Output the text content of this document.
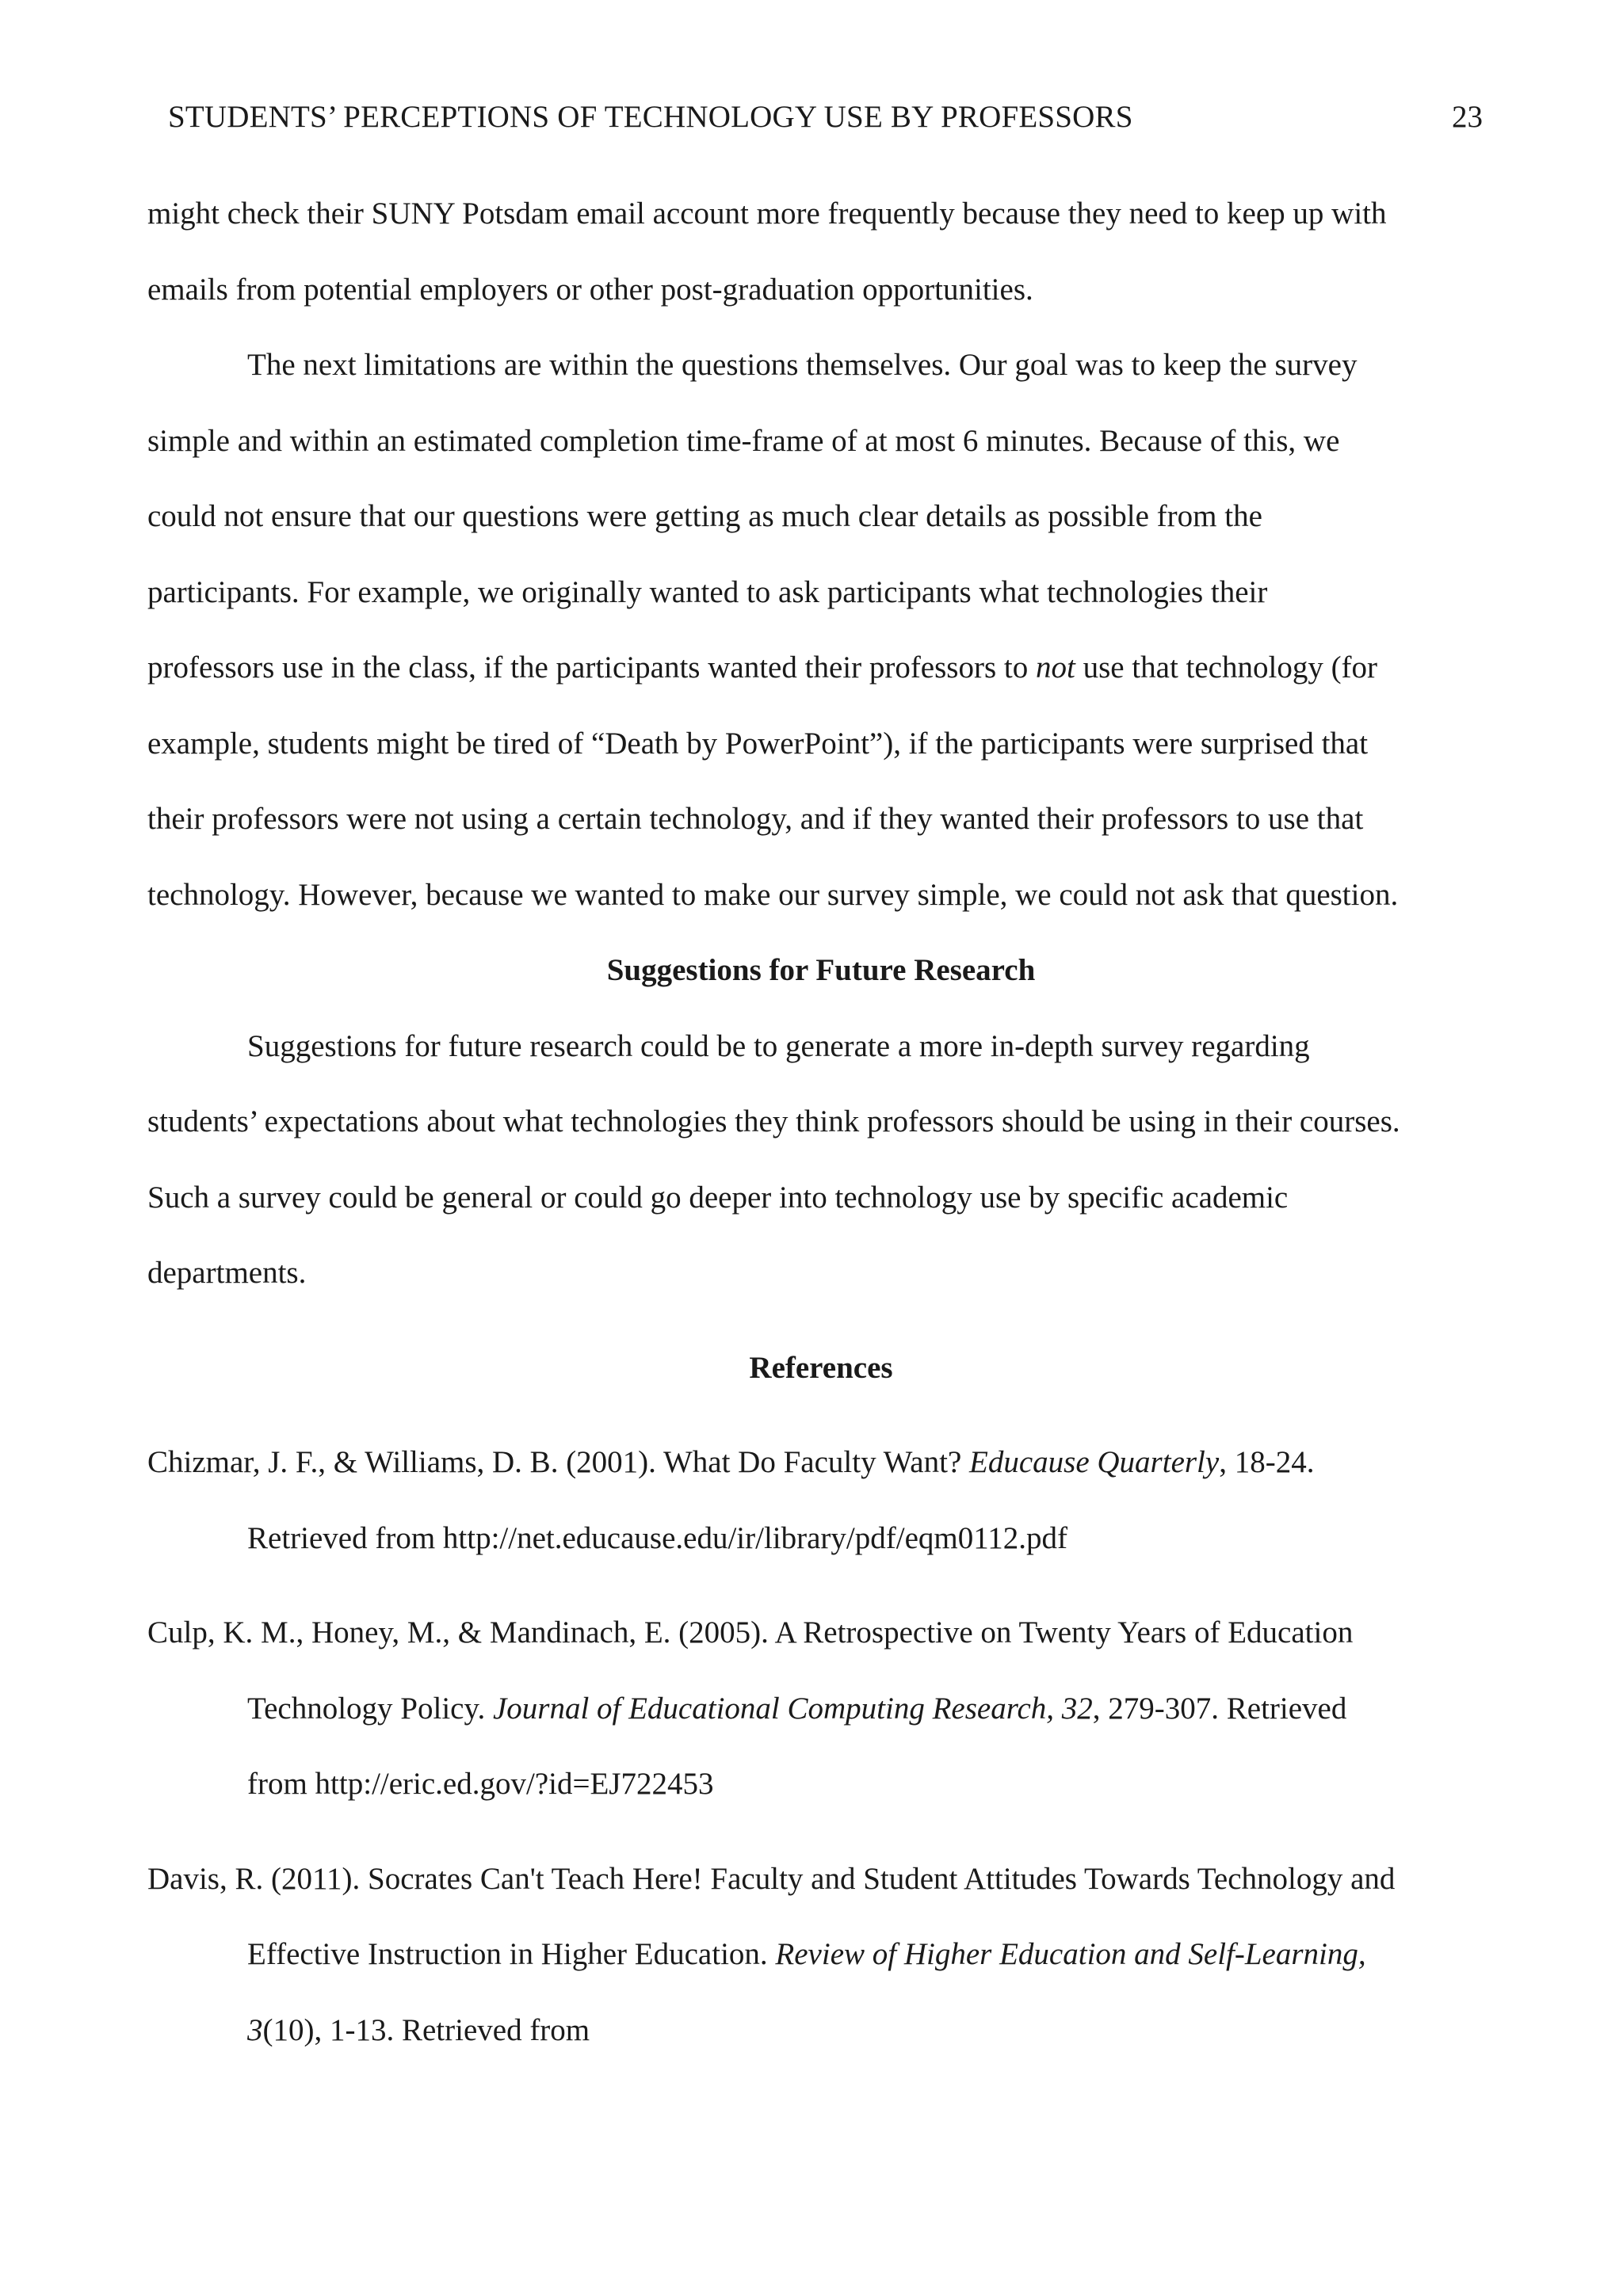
STUDENTS’ PERCEPTIONS OF TECHNOLOGY USE BY PROFESSORS	23
might check their SUNY Potsdam email account more frequently because they need to keep up with
emails from potential employers or other post-graduation opportunities.
The next limitations are within the questions themselves. Our goal was to keep the survey
simple and within an estimated completion time-frame of at most 6 minutes. Because of this, we
could not ensure that our questions were getting as much clear details as possible from the
participants. For example, we originally wanted to ask participants what technologies their
professors use in the class, if the participants wanted their professors to not use that technology (for
example, students might be tired of “Death by PowerPoint”), if the participants were surprised that
their professors were not using a certain technology, and if they wanted their professors to use that
technology. However, because we wanted to make our survey simple, we could not ask that question.
Suggestions for Future Research
Suggestions for future research could be to generate a more in-depth survey regarding
students’ expectations about what technologies they think professors should be using in their courses.
Such a survey could be general or could go deeper into technology use by specific academic
departments.
References
Chizmar, J. F., & Williams, D. B. (2001). What Do Faculty Want? Educause Quarterly, 18-24.
Retrieved from http://net.educause.edu/ir/library/pdf/eqm0112.pdf
Culp, K. M., Honey, M., & Mandinach, E. (2005). A Retrospective on Twenty Years of Education
Technology Policy. Journal of Educational Computing Research, 32, 279-307. Retrieved
from http://eric.ed.gov/?id=EJ722453
Davis, R. (2011). Socrates Can't Teach Here! Faculty and Student Attitudes Towards Technology and
Effective Instruction in Higher Education. Review of Higher Education and Self-Learning,
3(10), 1-13. Retrieved from
